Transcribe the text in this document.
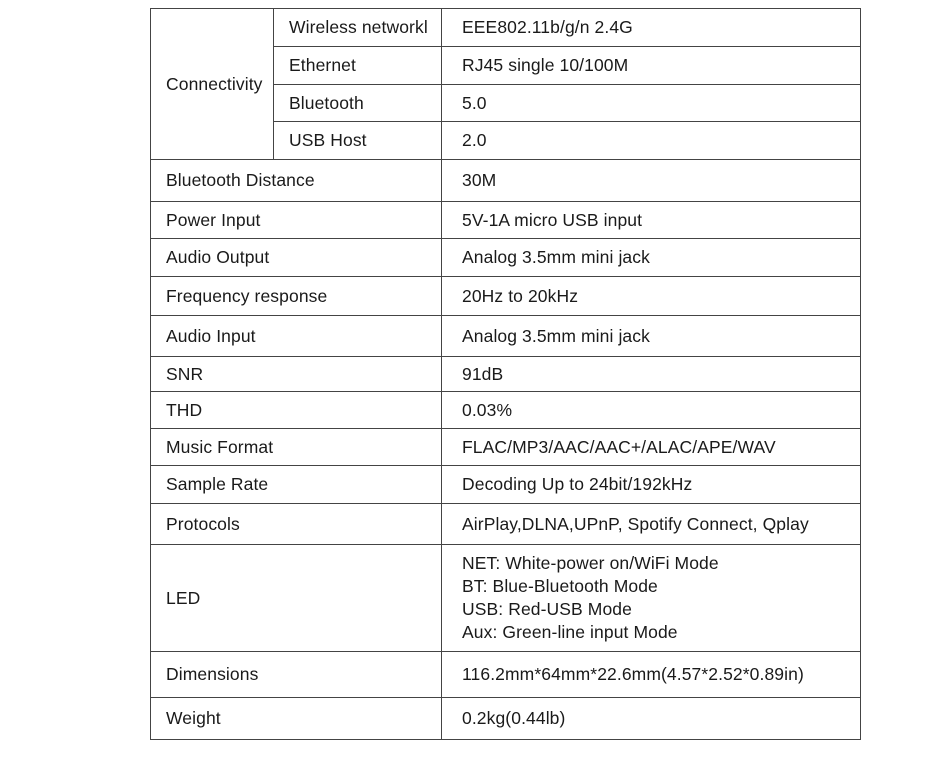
Connectivity	Wireless networkl	EEE802.11b/g/n 2.4G
	Ethernet	RJ45 single 10/100M
	Bluetooth	5.0
	USB Host	2.0
Bluetooth Distance		30M
Power Input		5V-1A micro USB input
Audio Output		Analog 3.5mm mini jack
Frequency response		20Hz to 20kHz
Audio Input		Analog 3.5mm mini jack
SNR		91dB
THD		0.03%
Music Format		FLAC/MP3/AAC/AAC+/ALAC/APE/WAV
Sample Rate		Decoding Up to 24bit/192kHz
Protocols		AirPlay,DLNA,UPnP, Spotify Connect, Qplay
LED		NET: White-power on/WiFi Mode
BT: Blue-Bluetooth Mode
USB: Red-USB Mode
Aux: Green-line input Mode

Dimensions		116.2mm*64mm*22.6mm(4.57*2.52*0.89in)
Weight		0.2kg(0.44lb)
